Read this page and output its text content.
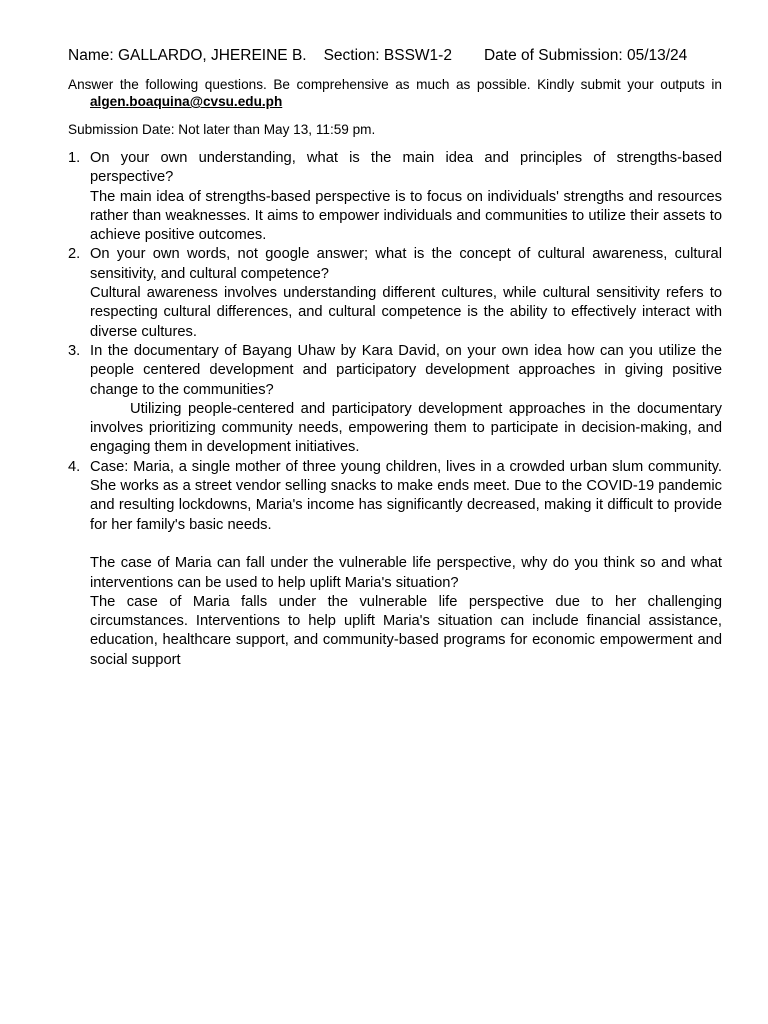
Name: GALLARDO, JHEREINE B. Section: BSSW1-2 Date of Submission: 05/13/24
Answer the following questions. Be comprehensive as much as possible. Kindly submit your outputs in
algen.boaquina@cvsu.edu.ph
Submission Date: Not later than May 13, 11:59 pm.
1. On your own understanding, what is the main idea and principles of strengths-based perspective?
The main idea of strengths-based perspective is to focus on individuals' strengths and resources rather than weaknesses. It aims to empower individuals and communities to utilize their assets to achieve positive outcomes.
2. On your own words, not google answer; what is the concept of cultural awareness, cultural sensitivity, and cultural competence?
Cultural awareness involves understanding different cultures, while cultural sensitivity refers to respecting cultural differences, and cultural competence is the ability to effectively interact with diverse cultures.
3. In the documentary of Bayang Uhaw by Kara David, on your own idea how can you utilize the people centered development and participatory development approaches in giving positive change to the communities?
Utilizing people-centered and participatory development approaches in the documentary involves prioritizing community needs, empowering them to participate in decision-making, and engaging them in development initiatives.
4. Case: Maria, a single mother of three young children, lives in a crowded urban slum community. She works as a street vendor selling snacks to make ends meet. Due to the COVID-19 pandemic and resulting lockdowns, Maria's income has significantly decreased, making it difficult to provide for her family's basic needs.
The case of Maria can fall under the vulnerable life perspective, why do you think so and what interventions can be used to help uplift Maria's situation?
The case of Maria falls under the vulnerable life perspective due to her challenging circumstances. Interventions to help uplift Maria's situation can include financial assistance, education, healthcare support, and community-based programs for economic empowerment and social support
